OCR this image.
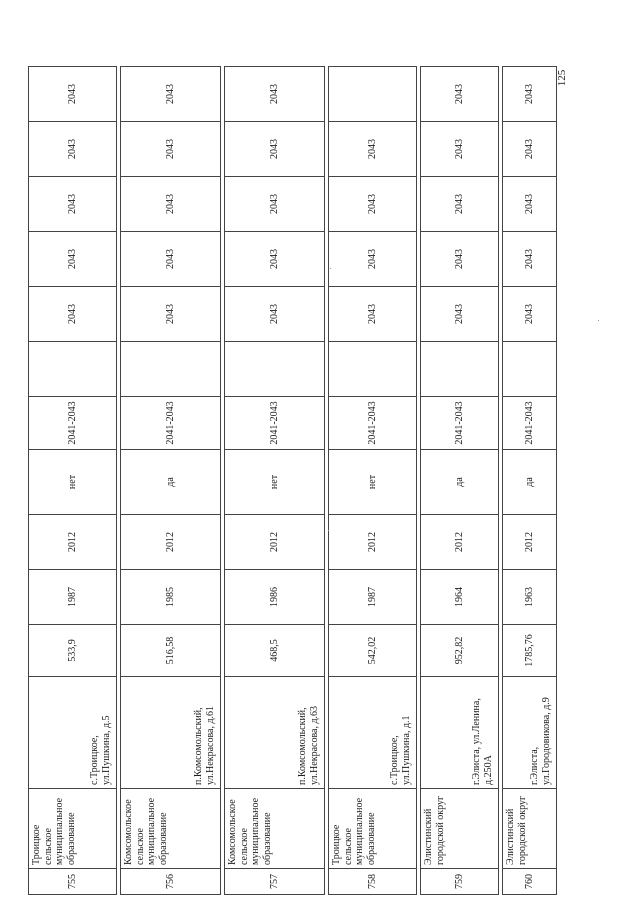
755	Троицкое сельское муниципальное образование	с.Троицкое, ул.Пушкина, д.5	533,9	1987	2012	нет	2041-2043		2043	2043	2043	2043	2043

756	Комсомольское сельское муниципальное образование	п.Комсомольский, ул.Некрасова, д.61	516,58	1985	2012	да	2041-2043		2043	2043	2043	2043	2043

757	Комсомольское сельское муниципальное образование	п.Комсомольский, ул.Некрасова, д.63	468,5	1986	2012	нет	2041-2043		2043	2043	2043	2043	2043

758	Троицкое сельское муниципальное образование	с.Троицкое, ул.Пушкина, д.1	542,02	1987	2012	нет	2041-2043		2043	2043	2043	2043	

759	Элистинский городской округ	г.Элиста, ул.Ленина, д.250А	952,82	1964	2012	да	2041-2043		2043	2043	2043	2043	2043

760	Элистинский городской округ	г.Элиста, ул.Городовикова, д.9	1785,76	1963	2012	да	2041-2043		2043	2043	2043	2043	2043
125
